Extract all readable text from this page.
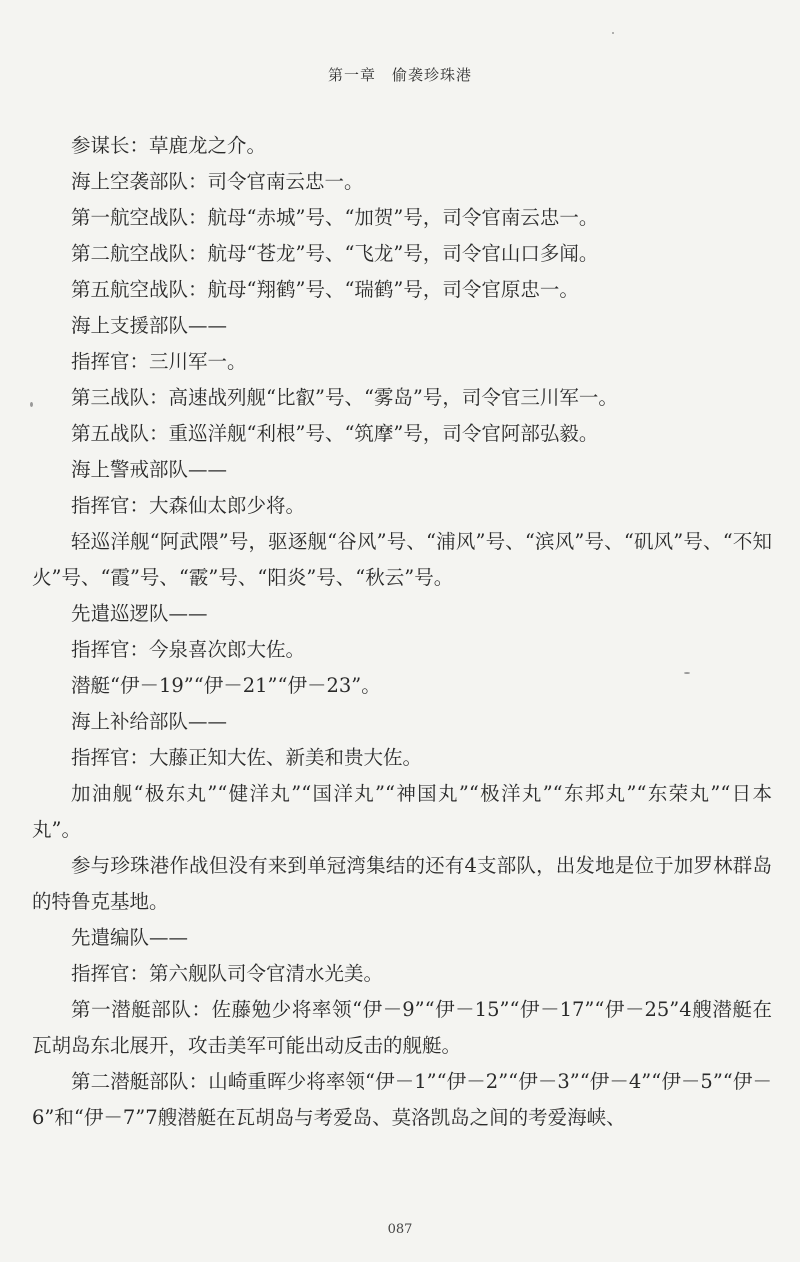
第一章　偷袭珍珠港

参谋长：草鹿龙之介。

海上空袭部队：司令官南云忠一。

第一航空战队：航母“赤城”号、“加贺”号，司令官南云忠一。

第二航空战队：航母“苍龙”号、“飞龙”号，司令官山口多闻。

第五航空战队：航母“翔鹤”号、“瑞鹤”号，司令官原忠一。

海上支援部队——

指挥官：三川军一。

第三战队：高速战列舰“比叡”号、“雾岛”号，司令官三川军一。

第五战队：重巡洋舰“利根”号、“筑摩”号，司令官阿部弘毅。

海上警戒部队——

指挥官：大森仙太郎少将。

轻巡洋舰“阿武隈”号，驱逐舰“谷风”号、“浦风”号、“滨风”号、“矶风”号、“不知火”号、“霞”号、“霰”号、“阳炎”号、“秋云”号。

先遣巡逻队——

指挥官：今泉喜次郎大佐。

潜艇“伊－19”“伊－21”“伊－23”。

海上补给部队——

指挥官：大藤正知大佐、新美和贵大佐。

加油舰“极东丸”“健洋丸”“国洋丸”“神国丸”“极洋丸”“东邦丸”“东荣丸”“日本丸”。

参与珍珠港作战但没有来到单冠湾集结的还有4支部队，出发地是位于加罗林群岛的特鲁克基地。

先遣编队——

指挥官：第六舰队司令官清水光美。

第一潜艇部队：佐藤勉少将率领“伊－9”“伊－15”“伊－17”“伊－25”4艘潜艇在瓦胡岛东北展开，攻击美军可能出动反击的舰艇。

第二潜艇部队：山崎重晖少将率领“伊－1”“伊－2”“伊－3”“伊－4”“伊－5”“伊－6”和“伊－7”7艘潜艇在瓦胡岛与考爱岛、莫洛凯岛之间的考爱海峡、

087
